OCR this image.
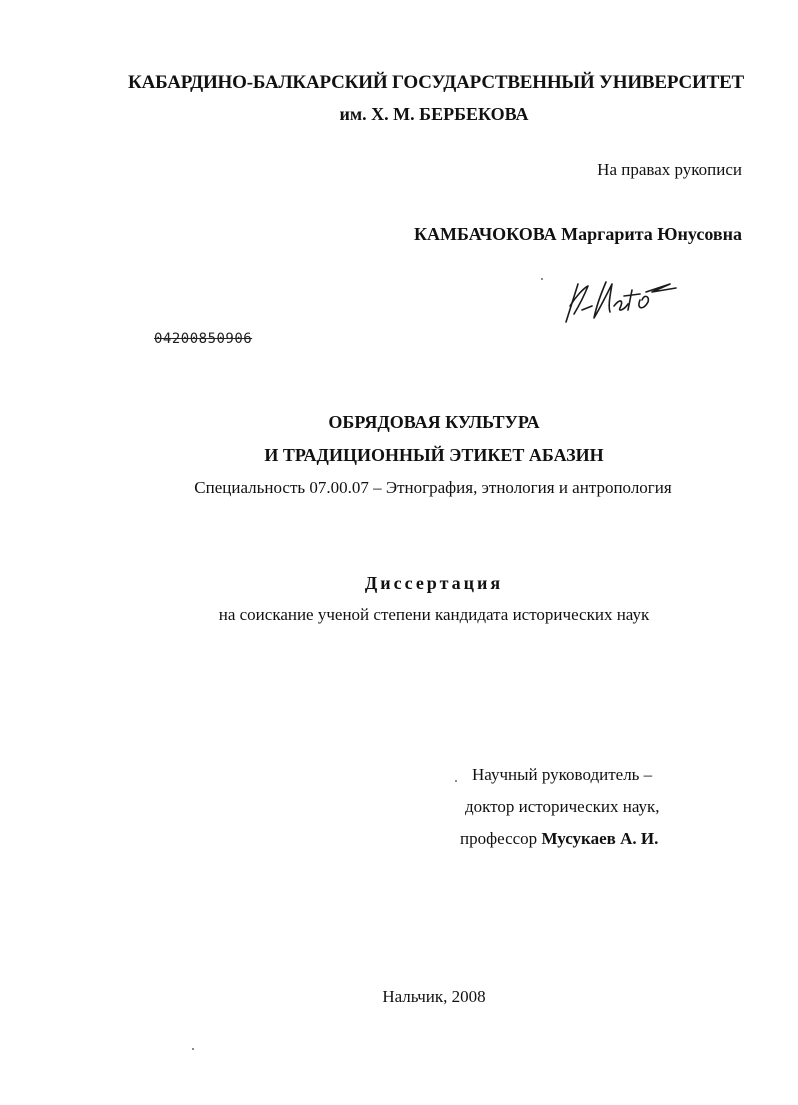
КАБАРДИНО-БАЛКАРСКИЙ ГОСУДАРСТВЕННЫЙ УНИВЕРСИТЕТ
им. Х. М. БЕРБЕКОВА
На правах рукописи
КАМБАЧОКОВА Маргарита Юнусовна
04200850906
ОБРЯДОВАЯ КУЛЬТУРА
И ТРАДИЦИОННЫЙ ЭТИКЕТ АБАЗИН
Специальность 07.00.07 – Этнография, этнология и антропология
Диссертация
на соискание ученой степени кандидата исторических наук
Научный руководитель –
доктор исторических наук,
профессор Мусукаев А. И.
Нальчик, 2008
